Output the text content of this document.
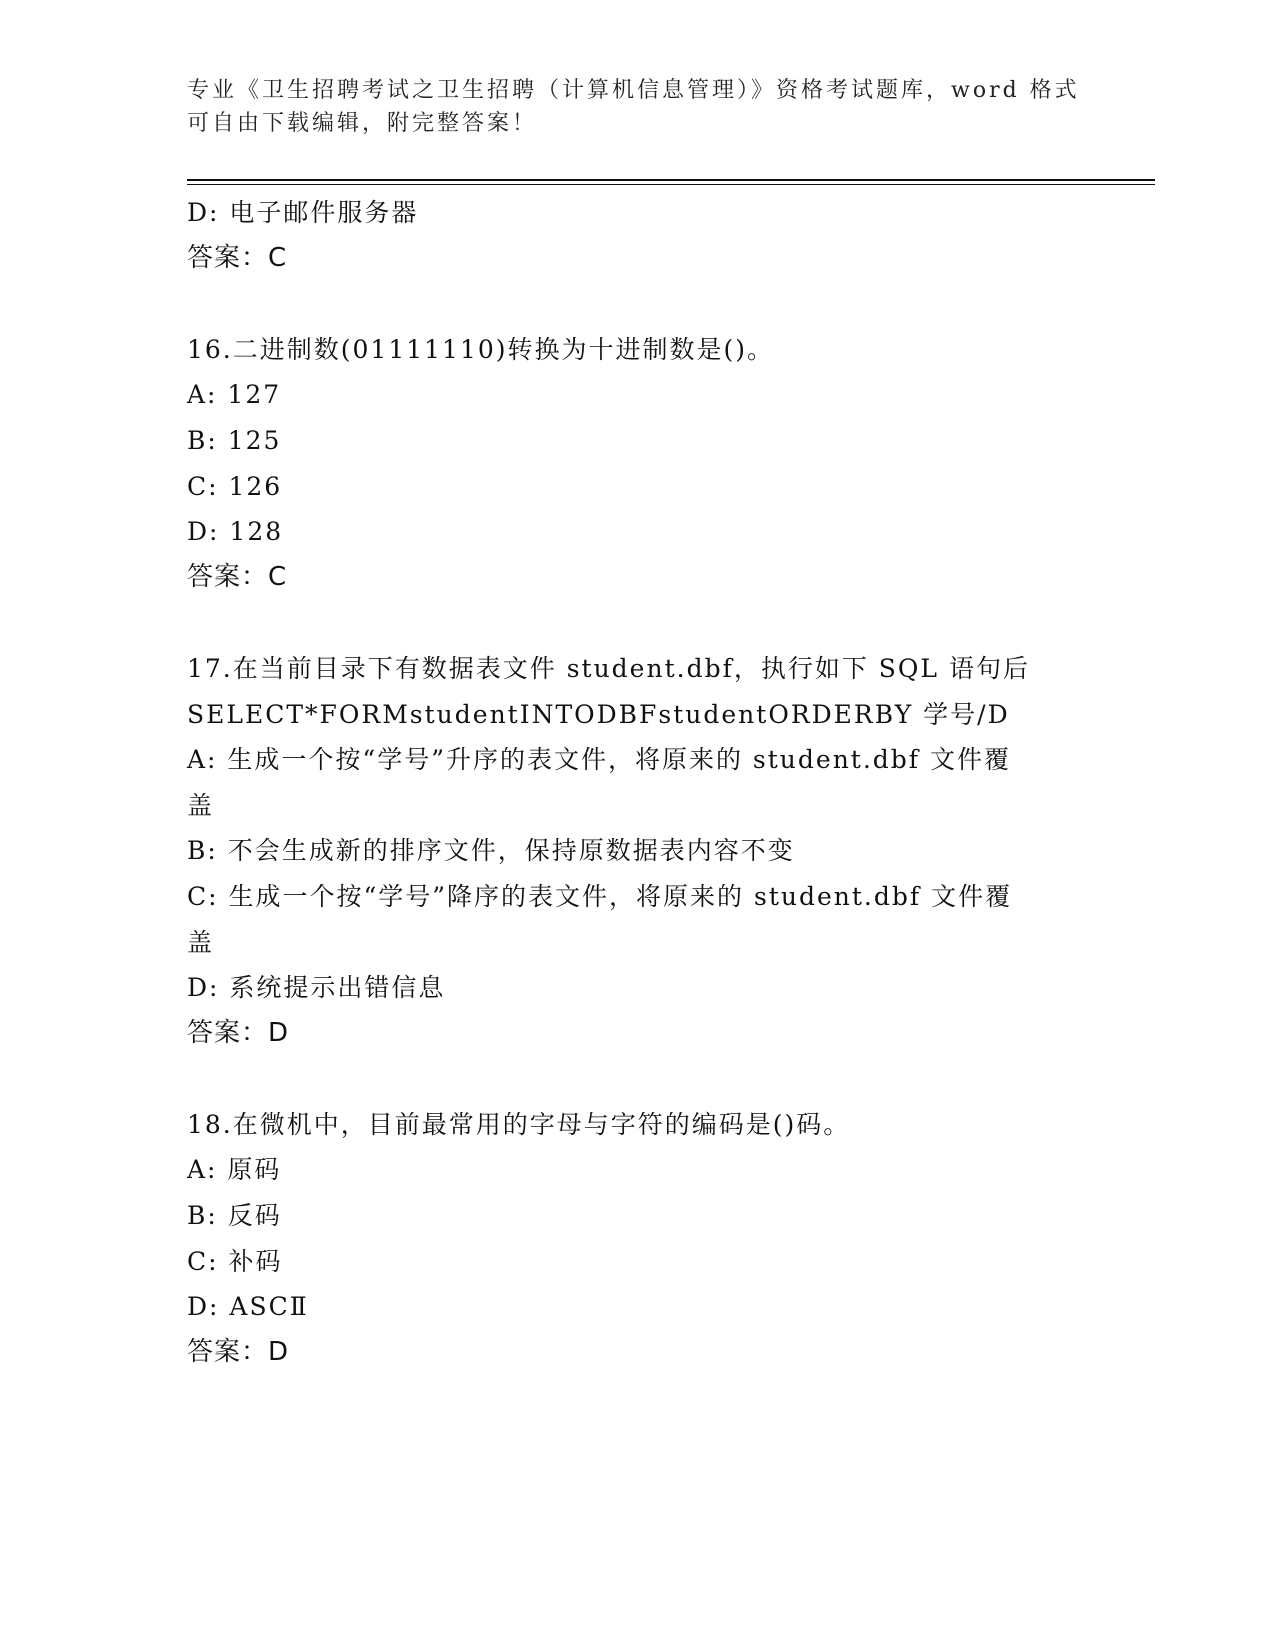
专业《卫生招聘考试之卫生招聘（计算机信息管理）》资格考试题库，word 格式
可自由下载编辑，附完整答案！
D: 电子邮件服务器
答案：C
16.二进制数(01111110)转换为十进制数是()。
A: 127
B: 125
C: 126
D: 128
答案：C
17.在当前目录下有数据表文件 student.dbf，执行如下 SQL 语句后
SELECT*FORMstudentINTODBFstudentORDERBY 学号/D
A: 生成一个按“学号”升序的表文件，将原来的 student.dbf 文件覆
盖
B: 不会生成新的排序文件，保持原数据表内容不变
C: 生成一个按“学号”降序的表文件，将原来的 student.dbf 文件覆
盖
D: 系统提示出错信息
答案：D
18.在微机中，目前最常用的字母与字符的编码是()码。
A: 原码
B: 反码
C: 补码
D: ASCⅡ
答案：D
